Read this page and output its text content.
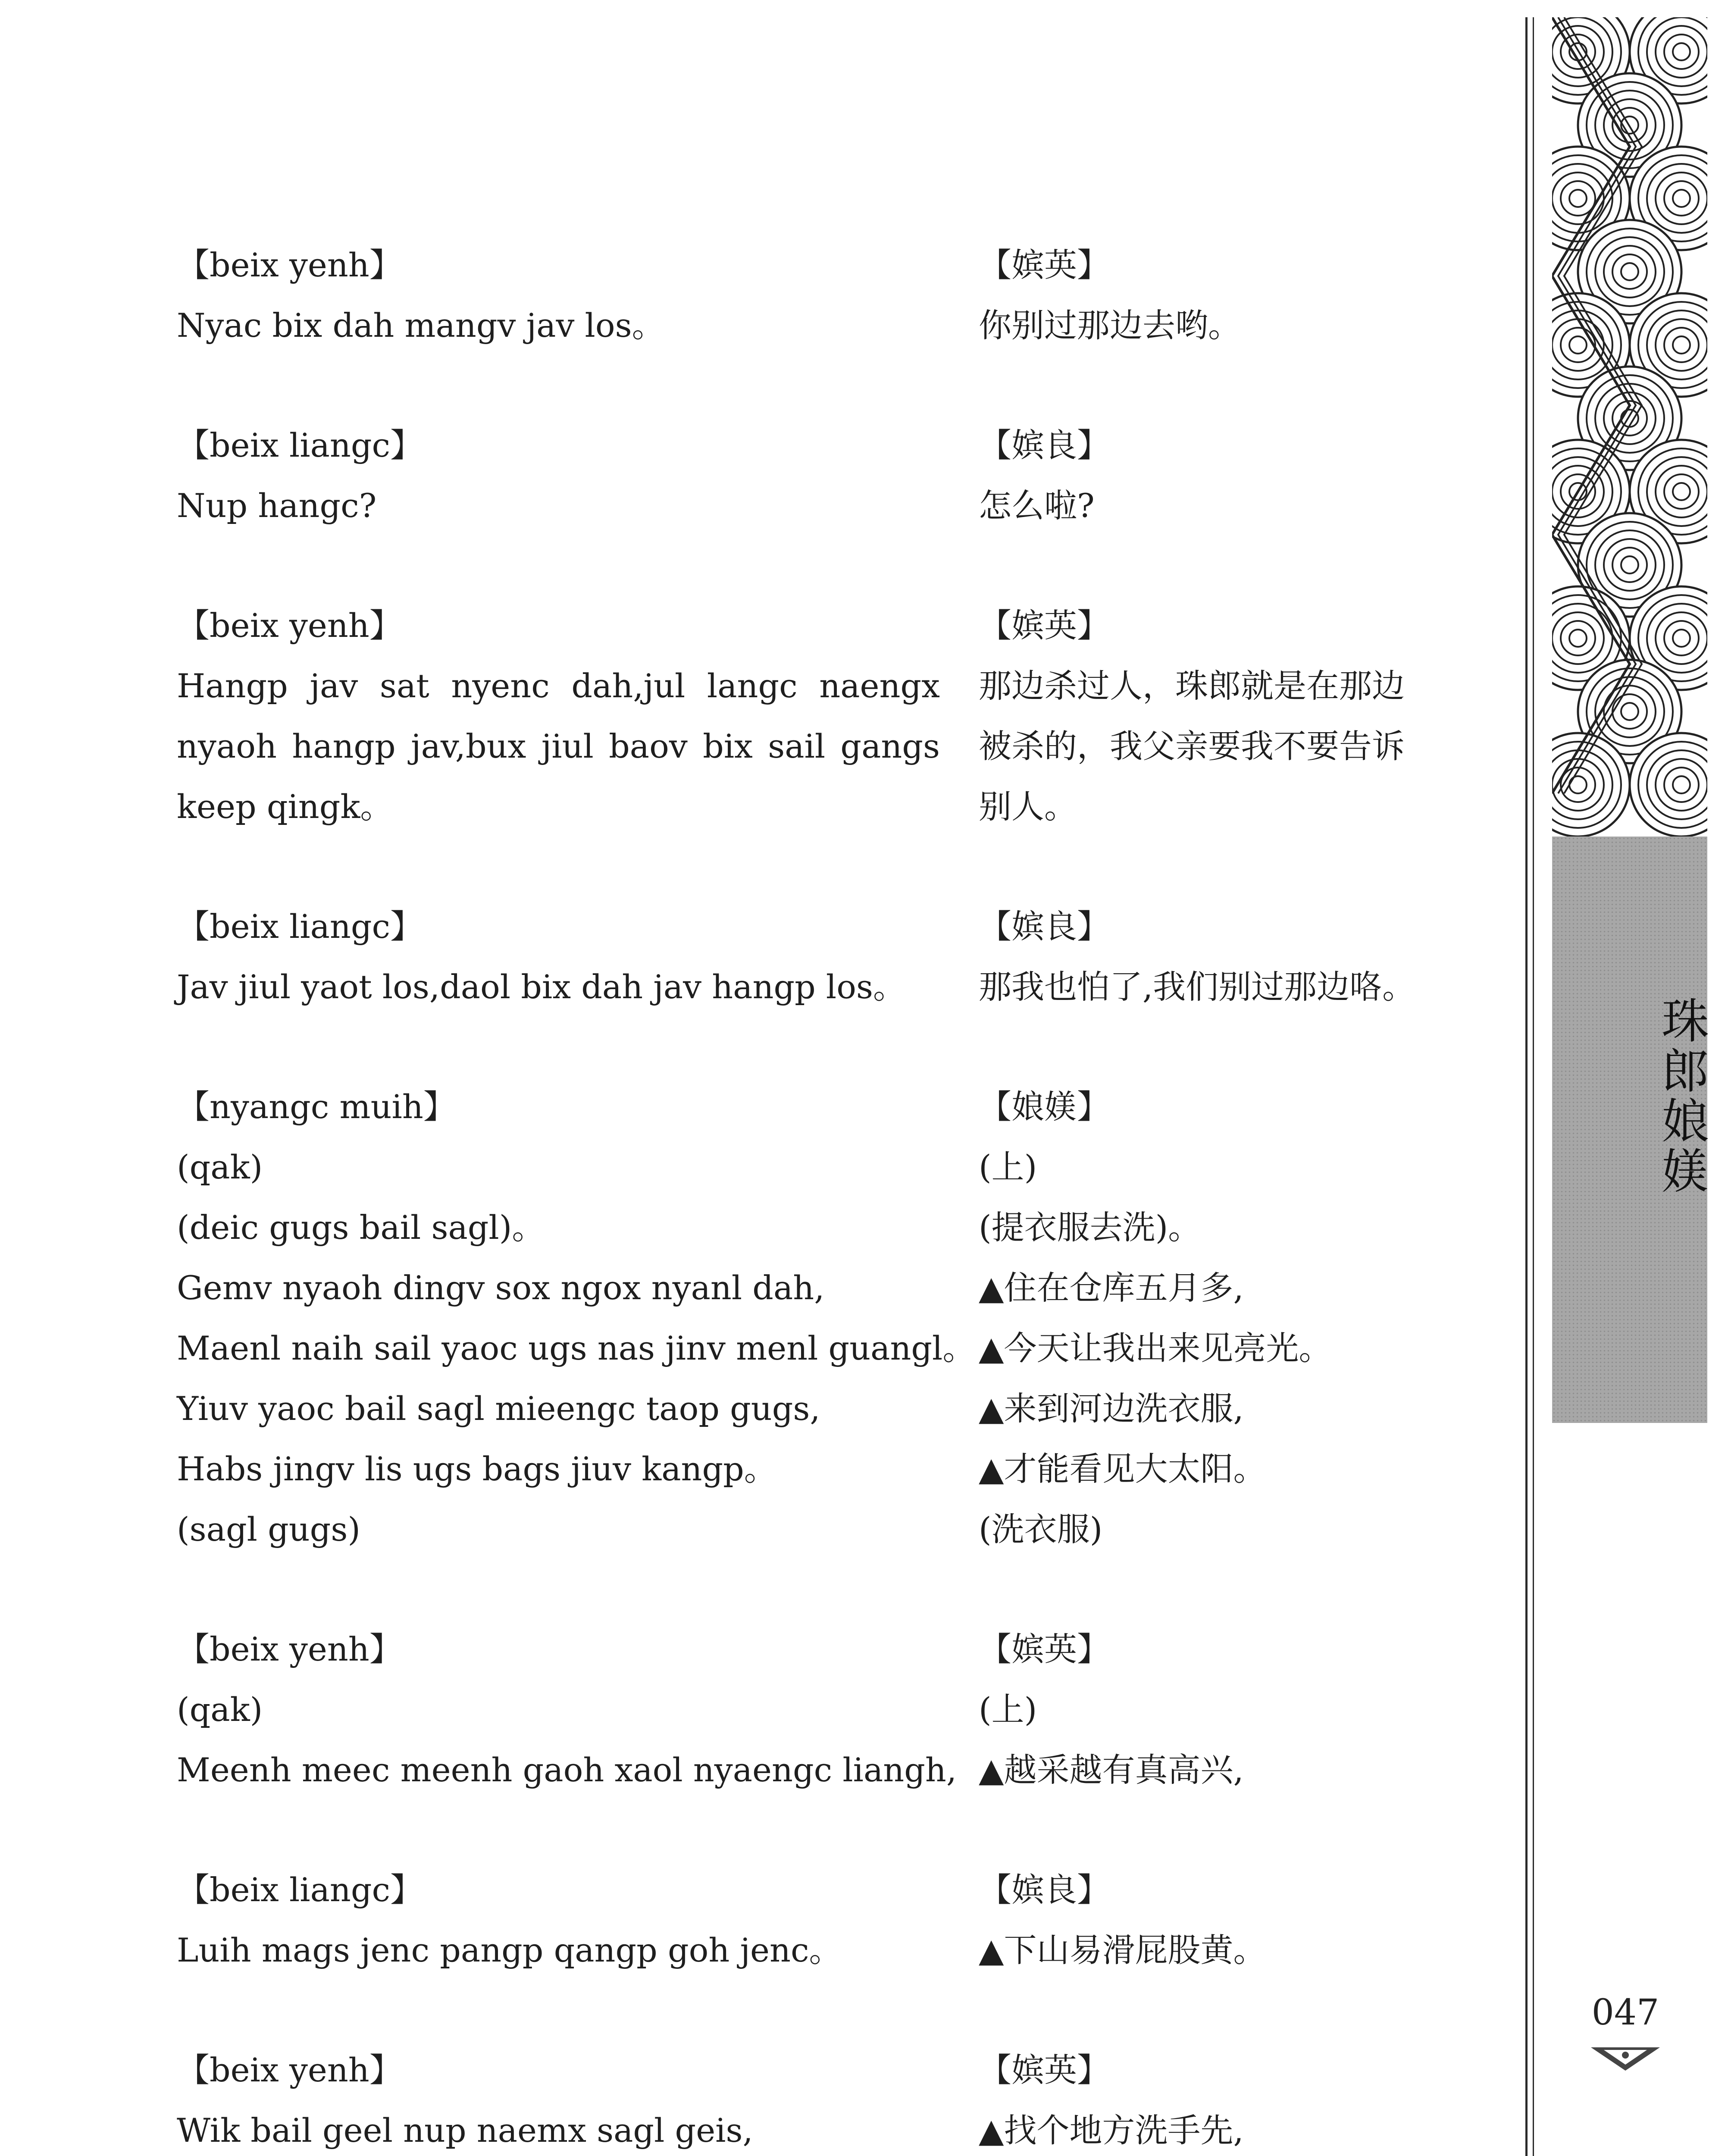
【beix yenh】
Nyac bix dah mangv jav los。
【beix liangc】
Nup hangc?
【beix yenh】
Hangp jav sat nyenc dah,jul langc naengx nyaoh hangp jav,bux jiul baov bix sail gangs keep qingk。
【beix liangc】
Jav jiul yaot los,daol bix dah jav hangp los。
【nyangc muih】
(qak)
(deic gugs bail sagl)。
Gemv nyaoh dingv sox ngox nyanl dah,
Maenl naih sail yaoc ugs nas jinv menl guangl。
Yiuv yaoc bail sagl mieengc taop gugs,
Habs jingv lis ugs bags jiuv kangp。
(sagl gugs)
【beix yenh】
(qak)
Meenh meec meenh gaoh xaol nyaengc liangh,
【beix liangc】
Luih mags jenc pangp qangp goh jenc。
【beix yenh】
Wik bail geel nup naemx sagl geis,
【嫔英】
你别过那边去哟。
【嫔良】
怎么啦?
【嫔英】
那边杀过人，珠郎就是在那边被杀的，我父亲要我不要告诉别人。
【嫔良】
那我也怕了,我们别过那边咯。
【娘媄】
(上)
(提衣服去洗)。
▲住在仓库五月多,
▲今天让我出来见亮光。
▲来到河边洗衣服,
▲才能看见大太阳。
(洗衣服)
【嫔英】
(上)
▲越采越有真高兴,
【嫔良】
▲下山易滑屁股黄。
【嫔英】
▲找个地方洗手先,
珠郎娘媄
047
